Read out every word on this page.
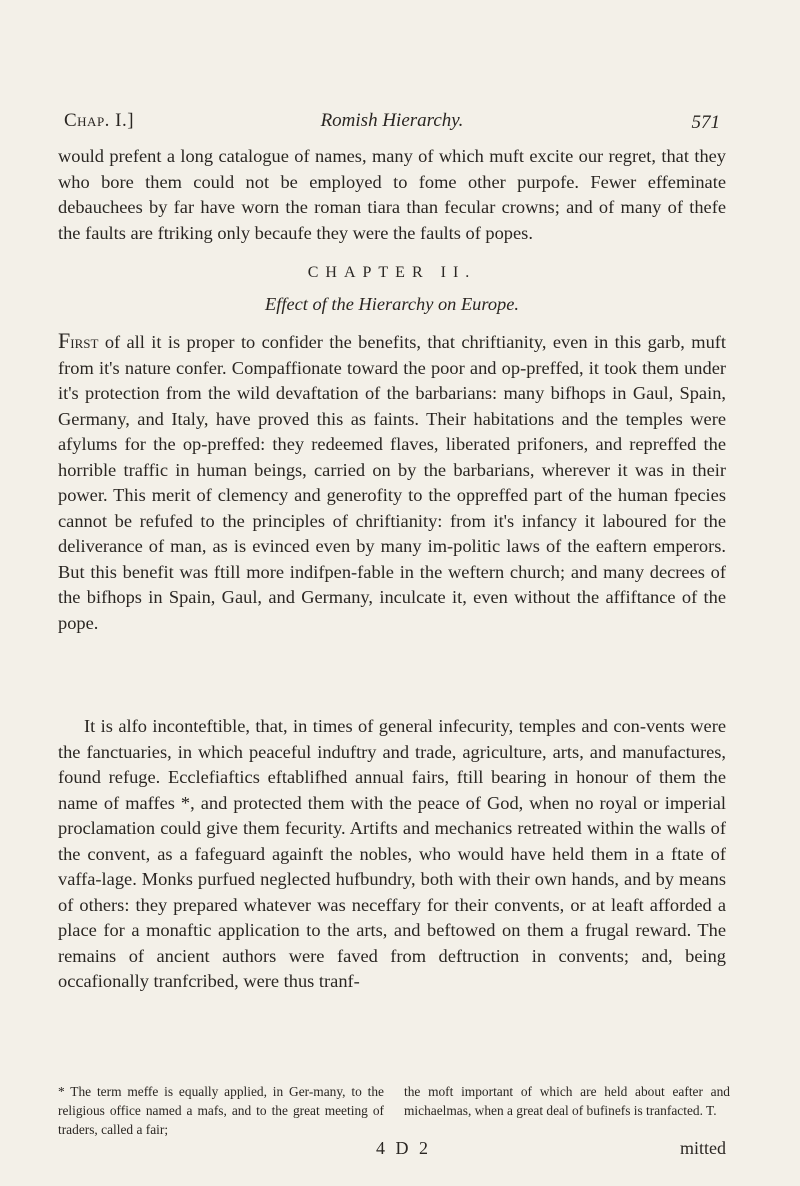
Chap. I.]	Romish Hierarchy.	571
would prefent a long catalogue of names, many of which muft excite our regret, that they who bore them could not be employed to fome other purpofe. Fewer effeminate debauchees by far have worn the roman tiara than fecular crowns; and of many of thefe the faults are ftriking only becaufe they were the faults of popes.
CHAPTER II.
Effect of the Hierarchy on Europe.
First of all it is proper to confider the benefits, that chriftianity, even in this garb, muft from it's nature confer. Compaffionate toward the poor and op-preffed, it took them under it's protection from the wild devaftation of the barbarians: many bifhops in Gaul, Spain, Germany, and Italy, have proved this as faints. Their habitations and the temples were afylums for the op-preffed: they redeemed flaves, liberated prifoners, and repreffed the horrible traffic in human beings, carried on by the barbarians, wherever it was in their power. This merit of clemency and generofity to the oppreffed part of the human fpecies cannot be refufed to the principles of chriftianity: from it's infancy it laboured for the deliverance of man, as is evinced even by many im-politic laws of the eaftern emperors. But this benefit was ftill more indifpen-fable in the weftern church; and many decrees of the bifhops in Spain, Gaul, and Germany, inculcate it, even without the affiftance of the pope.
It is alfo inconteftible, that, in times of general infecurity, temples and con-vents were the fanctuaries, in which peaceful induftry and trade, agriculture, arts, and manufactures, found refuge. Ecclefiaftics eftablifhed annual fairs, ftill bearing in honour of them the name of maffes *, and protected them with the peace of God, when no royal or imperial proclamation could give them fecurity. Artifts and mechanics retreated within the walls of the convent, as a fafeguard againft the nobles, who would have held them in a ftate of vaffa-lage. Monks purfued neglected hufbundry, both with their own hands, and by means of others: they prepared whatever was neceffary for their convents, or at leaft afforded a place for a monaftic application to the arts, and beftowed on them a frugal reward. The remains of ancient authors were faved from deftruction in convents; and, being occafionally tranfcribed, were thus tranf-
* The term meffe is equally applied, in Ger-many, to the religious office named a mafs, and to the great meeting of traders, called a fair;
the moft important of which are held about eafter and michaelmas, when a great deal of bufinefs is tranfacted. T.
4 D 2	mitted
